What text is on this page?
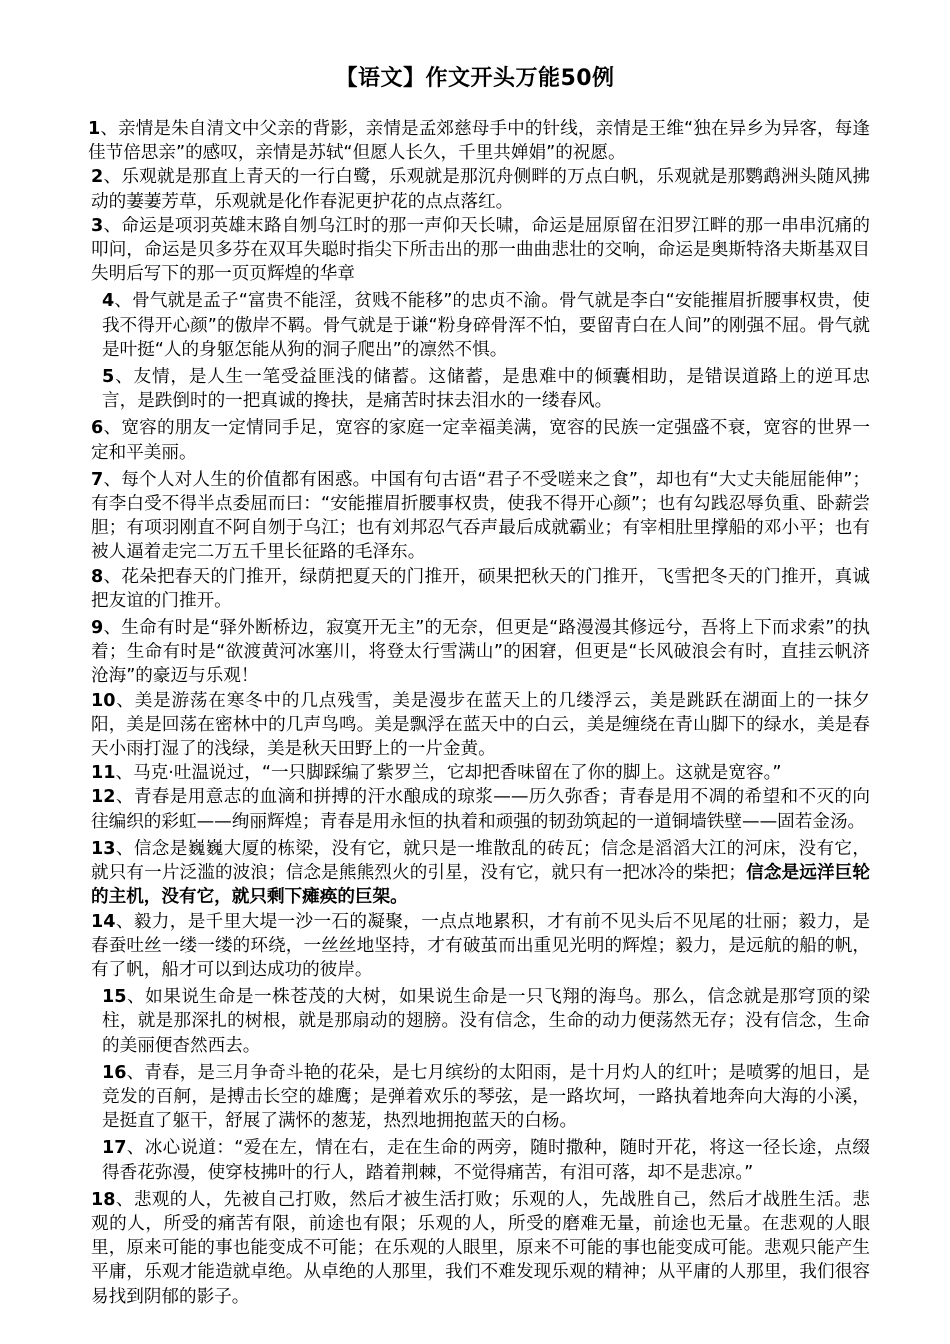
【语文】作文开头万能50例

1、亲情是朱自清文中父亲的背影，亲情是孟郊慈母手中的针线，亲情是王维“独在异乡为异客，每逢佳节倍思亲”的感叹，亲情是苏轼“但愿人长久，千里共婵娟”的祝愿。

2、乐观就是那直上青天的一行白鹭，乐观就是那沉舟侧畔的万点白帆，乐观就是那鹦鹉洲头随风拂动的萋萋芳草，乐观就是化作春泥更护花的点点落红。

3、命运是项羽英雄末路自刎乌江时的那一声仰天长啸，命运是屈原留在汨罗江畔的那一串串沉痛的叩问，命运是贝多芬在双耳失聪时指尖下所击出的那一曲曲悲壮的交响，命运是奥斯特洛夫斯基双目失明后写下的那一页页辉煌的华章

4、骨气就是孟子“富贵不能淫，贫贱不能移”的忠贞不渝。骨气就是李白“安能摧眉折腰事权贵，使我不得开心颜”的傲岸不羁。骨气就是于谦“粉身碎骨浑不怕，要留青白在人间”的刚强不屈。骨气就是叶挺“人的身躯怎能从狗的洞子爬出”的凛然不惧。

5、友情，是人生一笔受益匪浅的储蓄。这储蓄，是患难中的倾囊相助，是错误道路上的逆耳忠言，是跌倒时的一把真诚的搀扶，是痛苦时抹去泪水的一缕春风。

6、宽容的朋友一定情同手足，宽容的家庭一定幸福美满，宽容的民族一定强盛不衰，宽容的世界一定和平美丽。

7、每个人对人生的价值都有困惑。中国有句古语“君子不受嗟来之食”，却也有“大丈夫能屈能伸”；有李白受不得半点委屈而曰：“安能摧眉折腰事权贵，使我不得开心颜”；也有勾践忍辱负重、卧薪尝胆；有项羽刚直不阿自刎于乌江；也有刘邦忍气吞声最后成就霸业；有宰相肚里撑船的邓小平；也有被人逼着走完二万五千里长征路的毛泽东。

8、花朵把春天的门推开，绿荫把夏天的门推开，硕果把秋天的门推开，飞雪把冬天的门推开，真诚把友谊的门推开。

9、生命有时是“驿外断桥边，寂寞开无主”的无奈，但更是“路漫漫其修远兮，吾将上下而求索”的执着；生命有时是“欲渡黄河冰塞川，将登太行雪满山”的困窘，但更是“长风破浪会有时，直挂云帆济沧海”的豪迈与乐观！

10、美是游荡在寒冬中的几点残雪，美是漫步在蓝天上的几缕浮云，美是跳跃在湖面上的一抹夕阳，美是回荡在密林中的几声鸟鸣。美是飘浮在蓝天中的白云，美是缠绕在青山脚下的绿水，美是春天小雨打湿了的浅绿，美是秋天田野上的一片金黄。

11、马克·吐温说过，“一只脚踩编了紫罗兰，它却把香味留在了你的脚上。这就是宽容。”

12、青春是用意志的血滴和拼搏的汗水酿成的琼浆——历久弥香；青春是用不凋的希望和不灭的向往编织的彩虹——绚丽辉煌；青春是用永恒的执着和顽强的韧劲筑起的一道铜墙铁壁——固若金汤。

13、信念是巍巍大厦的栋梁，没有它，就只是一堆散乱的砖瓦；信念是滔滔大江的河床，没有它，就只有一片泛滥的波浪；信念是熊熊烈火的引星，没有它，就只有一把冰冷的柴把；信念是远洋巨轮的主机，没有它，就只剩下瘫痪的巨架。

14、毅力，是千里大堤一沙一石的凝聚，一点点地累积，才有前不见头后不见尾的壮丽；毅力，是春蚕吐丝一缕一缕的环绕，一丝丝地坚持，才有破茧而出重见光明的辉煌；毅力，是远航的船的帆，有了帆，船才可以到达成功的彼岸。

15、如果说生命是一株苍茂的大树，如果说生命是一只飞翔的海鸟。那么，信念就是那穹顶的梁柱，就是那深扎的树根，就是那扇动的翅膀。没有信念，生命的动力便荡然无存；没有信念，生命的美丽便杳然西去。

16、青春，是三月争奇斗艳的花朵，是七月缤纷的太阳雨，是十月灼人的红叶；是喷雾的旭日，是竞发的百舸，是搏击长空的雄鹰；是弹着欢乐的琴弦，是一路坎坷，一路执着地奔向大海的小溪，是挺直了躯干，舒展了满怀的葱茏，热烈地拥抱蓝天的白杨。

17、冰心说道：“爱在左，情在右，走在生命的两旁，随时撒种，随时开花，将这一径长途，点缀得香花弥漫，使穿枝拂叶的行人，踏着荆棘，不觉得痛苦，有泪可落，却不是悲凉。”

18、悲观的人，先被自己打败，然后才被生活打败；乐观的人，先战胜自己，然后才战胜生活。悲观的人，所受的痛苦有限，前途也有限；乐观的人，所受的磨难无量，前途也无量。在悲观的人眼里，原来可能的事也能变成不可能；在乐观的人眼里，原来不可能的事也能变成可能。悲观只能产生平庸，乐观才能造就卓绝。从卓绝的人那里，我们不难发现乐观的精神；从平庸的人那里，我们很容易找到阴郁的影子。
